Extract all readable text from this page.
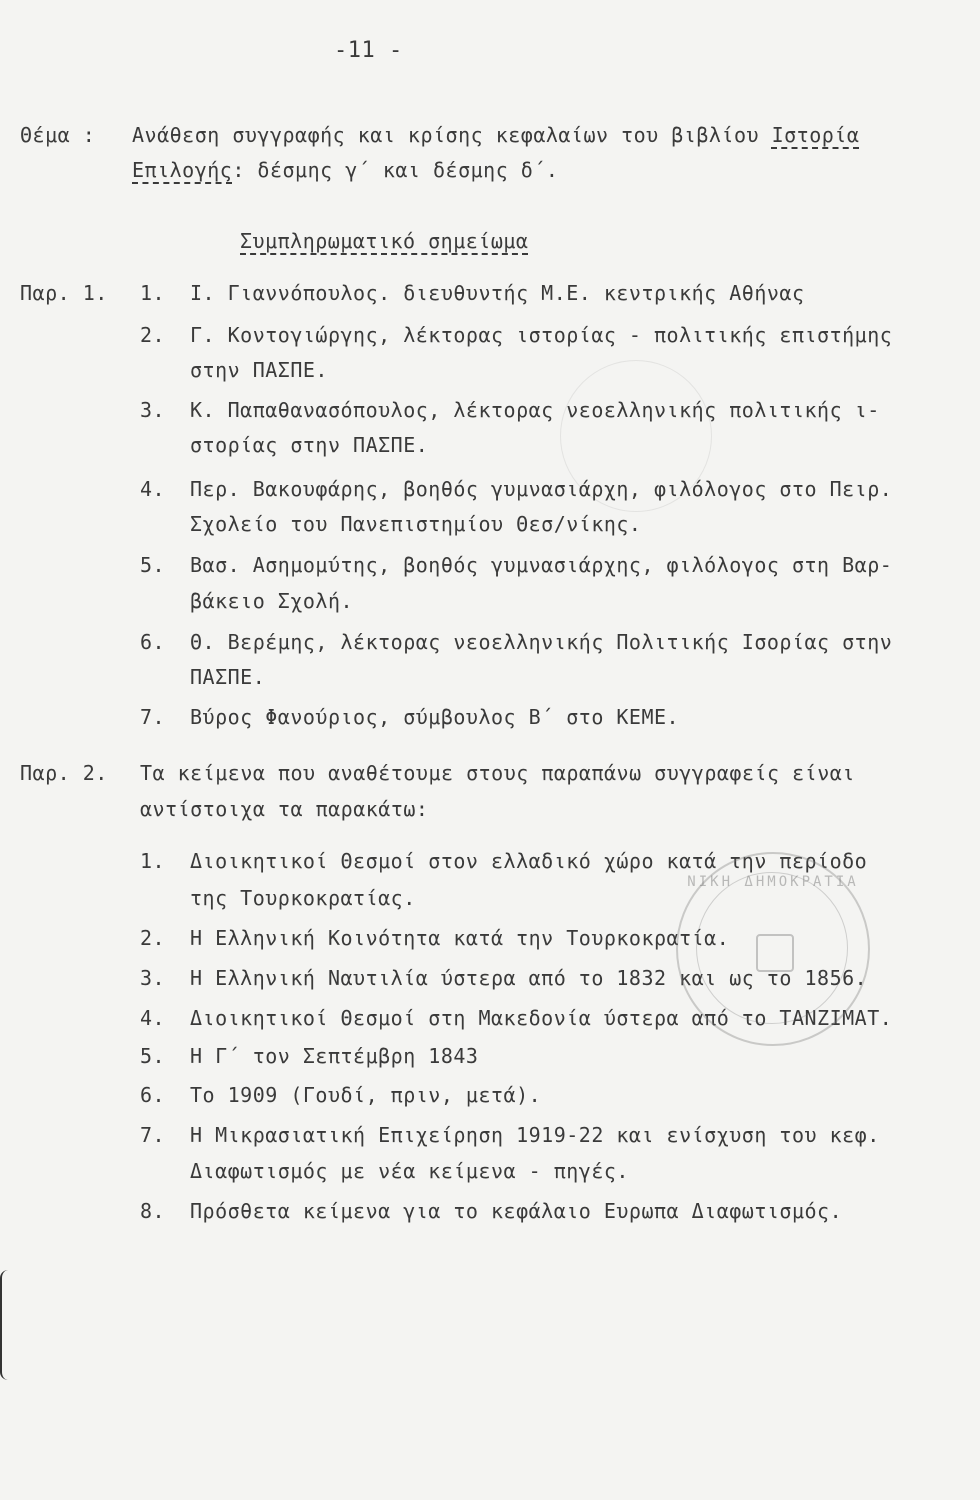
-11 -
Θέμα : Ανάθεση συγγραφής και κρίσης κεφαλαίων του βιβλίου Ιστορία
Επιλογής: δέσμης γ΄ και δέσμης δ΄.
Συμπληρωματικό σημείωμα
Παρ. 1. 1. Ι. Γιαννόπουλος. διευθυντής Μ.Ε. κεντρικής Αθήνας
2. Γ. Κοντογιώργης, λέκτορας ιστορίας - πολιτικής επιστήμης
στην ΠΑΣΠΕ.
3. Κ. Παπαθανασόπουλος, λέκτορας νεοελληνικής πολιτικής ι-
στορίας στην ΠΑΣΠΕ.
4. Περ. Βακουφάρης, βοηθός γυμνασιάρχη, φιλόλογος στο Πειρ.
Σχολείο του Πανεπιστημίου Θεσ/νίκης.
5. Βασ. Ασημομύτης, βοηθός γυμνασιάρχης, φιλόλογος στη Βαρ-
βάκειο Σχολή.
6. Θ. Βερέμης, λέκτορας νεοελληνικής Πολιτικής Ισορίας στην
ΠΑΣΠΕ.
7. Βύρος Φανούριος, σύμβουλος Β΄ στο ΚΕΜΕ.
Παρ. 2. Τα κείμενα που αναθέτουμε στους παραπάνω συγγραφείς είναι
αντίστοιχα τα παρακάτω:
1. Διοικητικοί Θεσμοί στον ελλαδικό χώρο κατά την περίοδο
της Τουρκοκρατίας.
2. Η Ελληνική Κοινότητα κατά την Τουρκοκρατία.
3. Η Ελληνική Ναυτιλία ύστερα από το 1832 και ως το 1856.
4. Διοικητικοί Θεσμοί στη Μακεδονία ύστερα από το ΤΑΝΖΙΜΑΤ.
5. Η Γ΄ τον Σεπτέμβρη 1843
6. Το 1909 (Γουδί, πριν, μετά).
7. Η Μικρασιατική Επιχείρηση 1919-22 και ενίσχυση του κεφ.
Διαφωτισμός με νέα κείμενα - πηγές.
8. Πρόσθετα κείμενα για το κεφάλαιο Ευρωπα Διαφωτισμός.
ΝΙΚΗ ΔΗΜΟΚΡΑΤΙΑ
